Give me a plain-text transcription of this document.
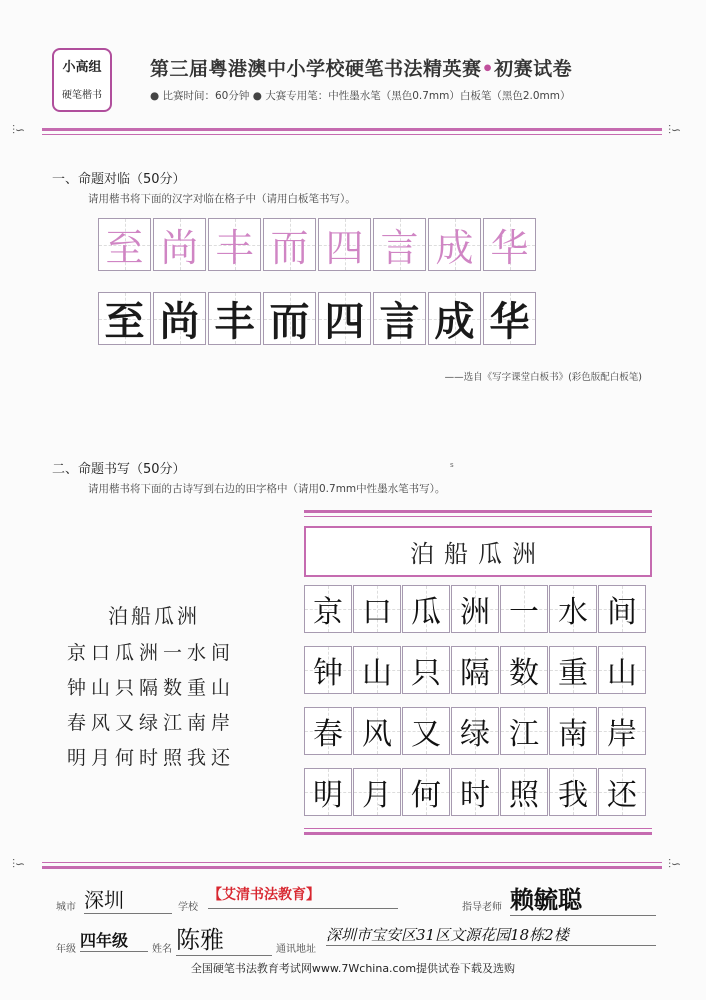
小高组
硬笔楷书
第三届粤港澳中小学校硬笔书法精英赛•初赛试卷
● 比赛时间：60分钟 ● 大赛专用笔：中性墨水笔（黑色0.7mm）白板笔（黑色2.0mm）
⫶∽	⫶∽
一、命题对临（50分）
请用楷书将下面的汉字对临在格子中（请用白板笔书写）。
至 尚 丰 而 四 言 成 华
至 尚 丰 而 四 言 成 华
——选自《写字课堂白板书》(彩色版配白板笔)
二、命题书写（50分）	s
请用楷书将下面的古诗写到右边的田字格中（请用0.7mm中性墨水笔书写）。
泊船瓜洲
京口瓜洲一水间
钟山只隔数重山
春风又绿江南岸
明月何时照我还
泊船瓜洲
京 口 瓜 洲 一 水 间
钟 山 只 隔 数 重 山
春 风 又 绿 江 南 岸
明 月 何 时 照 我 还
⫶∽	⫶∽
城市 深圳	学校
【艾清书法教育】
指导老师 赖毓聪
年级 四年级	姓名 陈雅	通讯地址
深圳市宝安区31区文源花园18栋2楼
全国硬笔书法教育考试网www.7Wchina.com提供试卷下载及选购
